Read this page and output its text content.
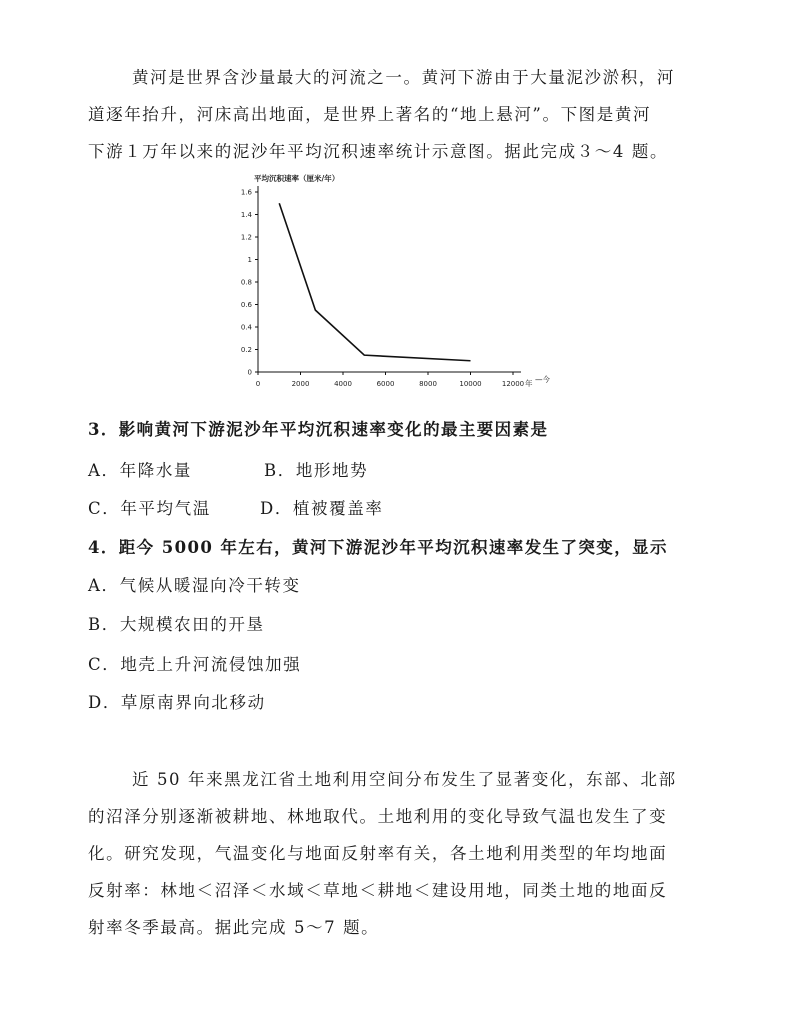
黄河是世界含沙量最大的河流之一。黄河下游由于大量泥沙淤积，河
道逐年抬升，河床高出地面，是世界上著名的“地上悬河”。下图是黄河
下游１万年以来的泥沙年平均沉积速率统计示意图。据此完成３～4 题。
平均沉积速率（厘米/年）
0
0.2
0.4
0.6
0.8
1
1.2
1.4
1.6
0	2000	4000	6000	8000	10000	12000 年 —今
3．影响黄河下游泥沙年平均沉积速率变化的最主要因素是
A．年降水量	B．地形地势
C．年平均气温	D．植被覆盖率
4．距今 5000 年左右，黄河下游泥沙年平均沉积速率发生了突变，显示
A．气候从暖湿向冷干转变
B．大规模农田的开垦
C．地壳上升河流侵蚀加强
D．草原南界向北移动
近 50 年来黑龙江省土地利用空间分布发生了显著变化，东部、北部
的沼泽分别逐渐被耕地、林地取代。土地利用的变化导致气温也发生了变
化。研究发现，气温变化与地面反射率有关，各土地利用类型的年均地面
反射率：林地＜沼泽＜水域＜草地＜耕地＜建设用地，同类土地的地面反
射率冬季最高。据此完成 5～7 题。
